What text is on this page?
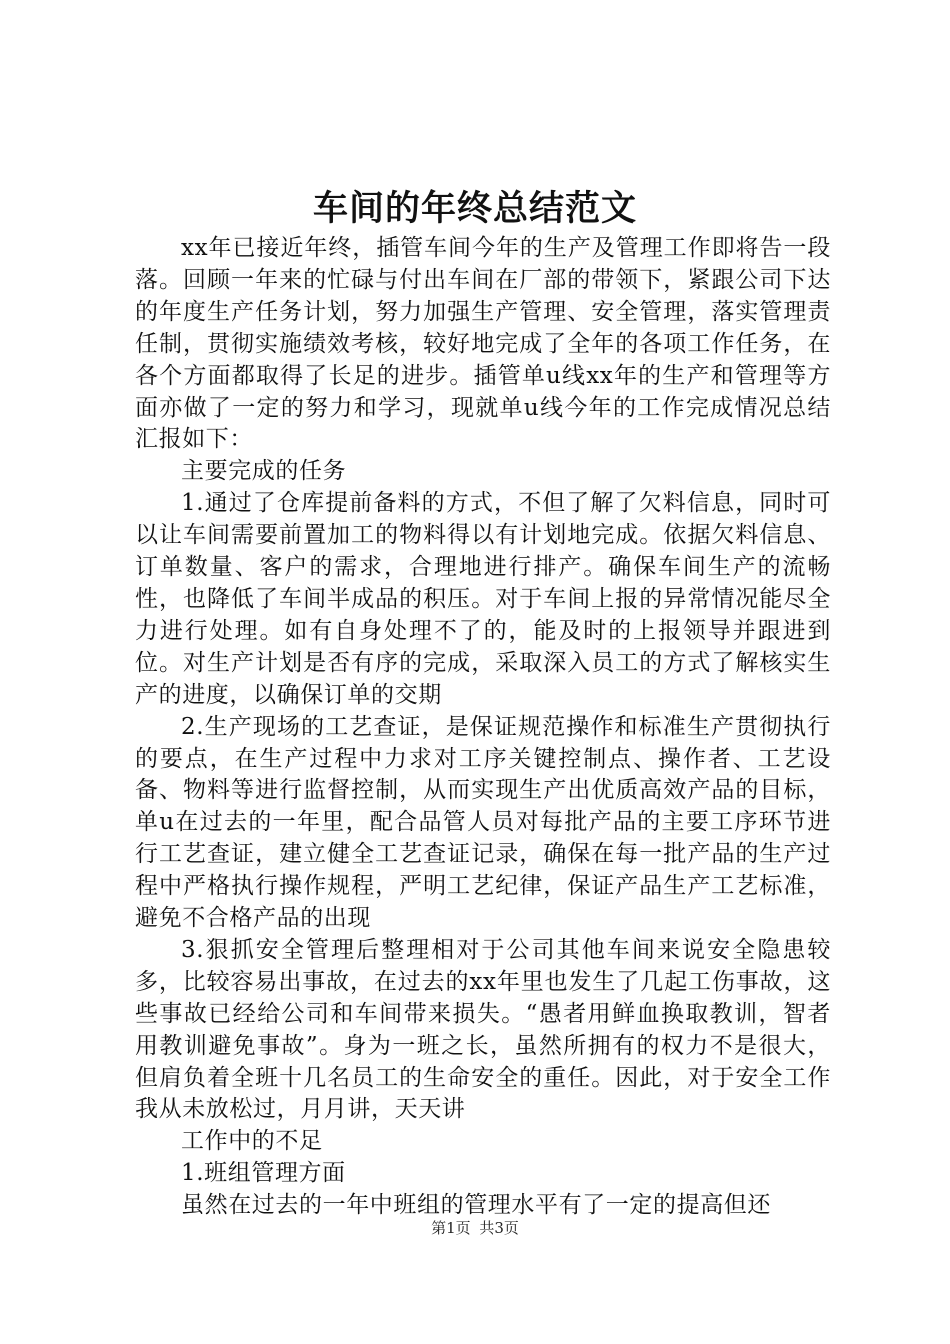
车间的年终总结范文

xx年已接近年终，插管车间今年的生产及管理工作即将告一段落。回顾一年来的忙碌与付出车间在厂部的带领下，紧跟公司下达的年度生产任务计划，努力加强生产管理、安全管理，落实管理责任制，贯彻实施绩效考核，较好地完成了全年的各项工作任务，在各个方面都取得了长足的进步。插管单u线xx年的生产和管理等方面亦做了一定的努力和学习，现就单u线今年的工作完成情况总结汇报如下：

主要完成的任务

1.通过了仓库提前备料的方式，不但了解了欠料信息，同时可以让车间需要前置加工的物料得以有计划地完成。依据欠料信息、订单数量、客户的需求，合理地进行排产。确保车间生产的流畅性，也降低了车间半成品的积压。对于车间上报的异常情况能尽全力进行处理。如有自身处理不了的，能及时的上报领导并跟进到位。对生产计划是否有序的完成，采取深入员工的方式了解核实生产的进度，以确保订单的交期

2.生产现场的工艺查证，是保证规范操作和标准生产贯彻执行的要点，在生产过程中力求对工序关键控制点、操作者、工艺设备、物料等进行监督控制，从而实现生产出优质高效产品的目标，单u在过去的一年里，配合品管人员对每批产品的主要工序环节进行工艺查证，建立健全工艺查证记录，确保在每一批产品的生产过程中严格执行操作规程，严明工艺纪律，保证产品生产工艺标准，避免不合格产品的出现

3.狠抓安全管理后整理相对于公司其他车间来说安全隐患较多，比较容易出事故，在过去的xx年里也发生了几起工伤事故，这些事故已经给公司和车间带来损失。“愚者用鲜血换取教训，智者用教训避免事故”。身为一班之长，虽然所拥有的权力不是很大，但肩负着全班十几名员工的生命安全的重任。因此，对于安全工作我从未放松过，月月讲，天天讲

工作中的不足

1.班组管理方面

虽然在过去的一年中班组的管理水平有了一定的提高但还

第1页 共3页
